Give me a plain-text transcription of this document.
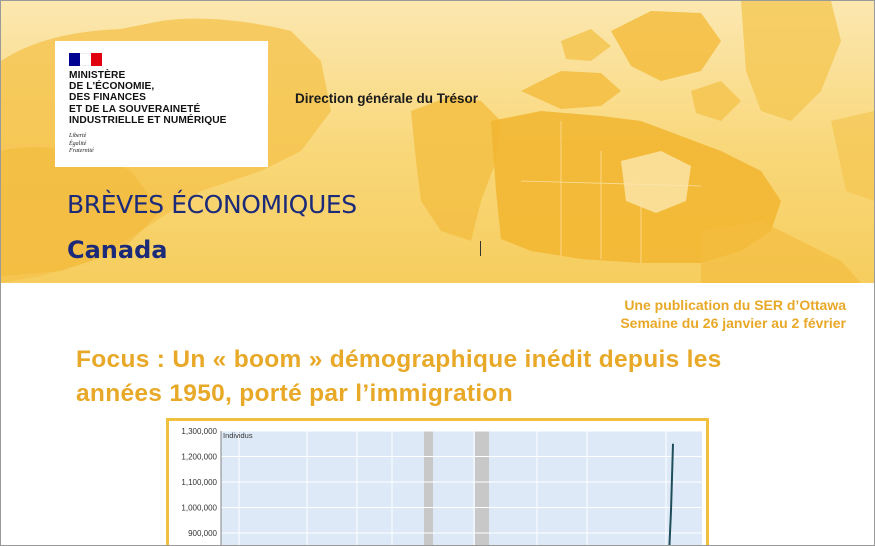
MINISTÈRE
DE L'ÉCONOMIE,
DES FINANCES
ET DE LA SOUVERAINETÉ
INDUSTRIELLE ET NUMÉRIQUE
Liberté
Égalité
Fraternité
Direction générale du Trésor
BRÈVES ÉCONOMIQUES
Canada
Une publication du SER d’Ottawa
Semaine du 26 janvier au 2 février
Focus : Un « boom » démographique inédit depuis les
années 1950, porté par l’immigration
1,300,000
1,200,000
1,100,000
1,000,000
900,000
Individus
